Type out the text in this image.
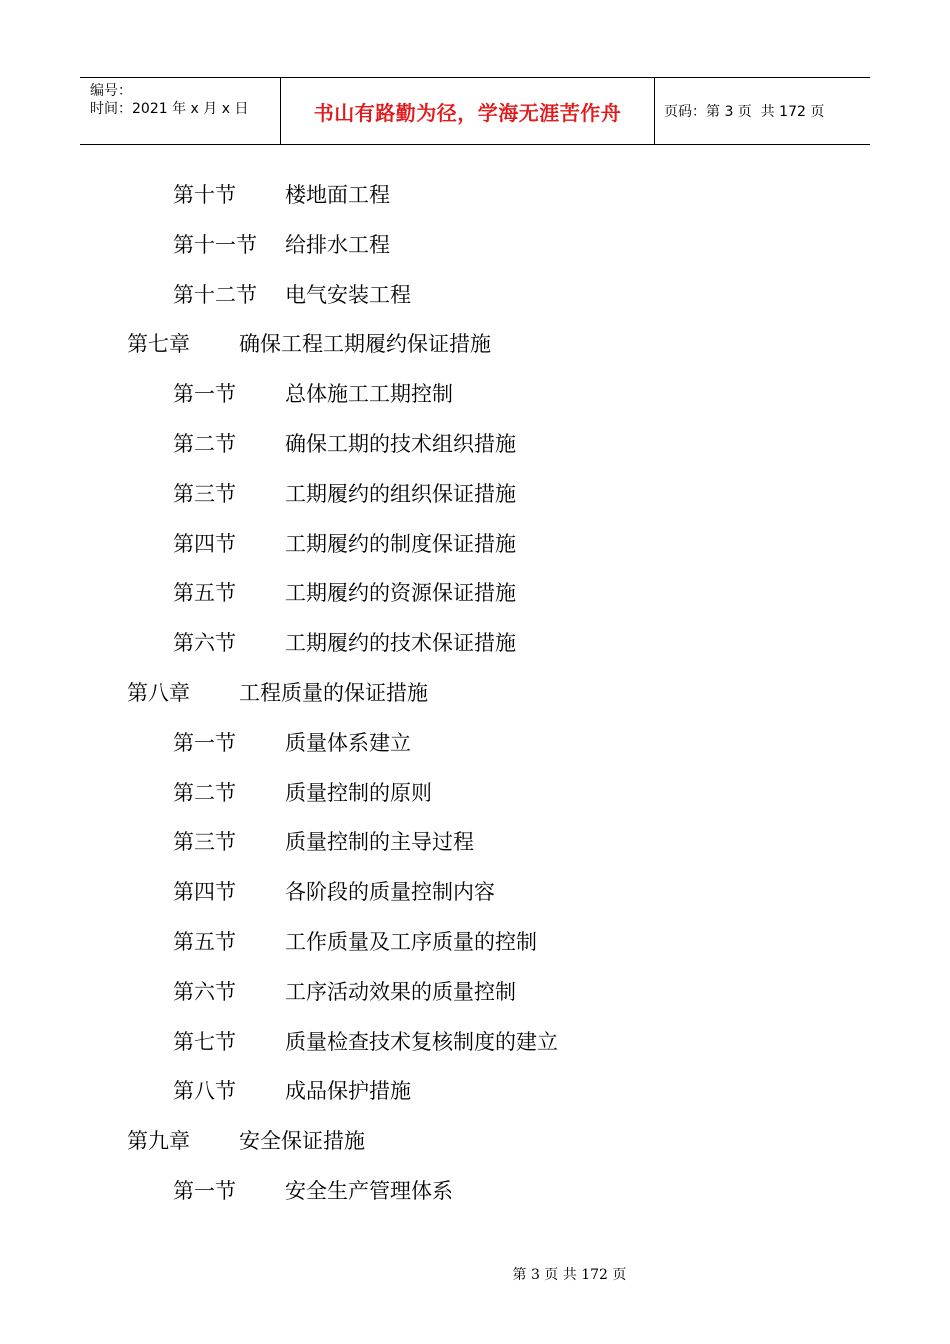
编号：
时间：2021 年 x 月 x 日	书山有路勤为径，学海无涯苦作舟	页码：第 3 页  共 172 页
第十节 楼地面工程
第十一节 给排水工程
第十二节 电气安装工程
第七章 确保工程工期履约保证措施
第一节 总体施工工期控制
第二节 确保工期的技术组织措施
第三节 工期履约的组织保证措施
第四节 工期履约的制度保证措施
第五节 工期履约的资源保证措施
第六节 工期履约的技术保证措施
第八章 工程质量的保证措施
第一节 质量体系建立
第二节 质量控制的原则
第三节 质量控制的主导过程
第四节 各阶段的质量控制内容
第五节 工作质量及工序质量的控制
第六节 工序活动效果的质量控制
第七节 质量检查技术复核制度的建立
第八节 成品保护措施
第九章 安全保证措施
第一节 安全生产管理体系

第 3 页 共 172 页
